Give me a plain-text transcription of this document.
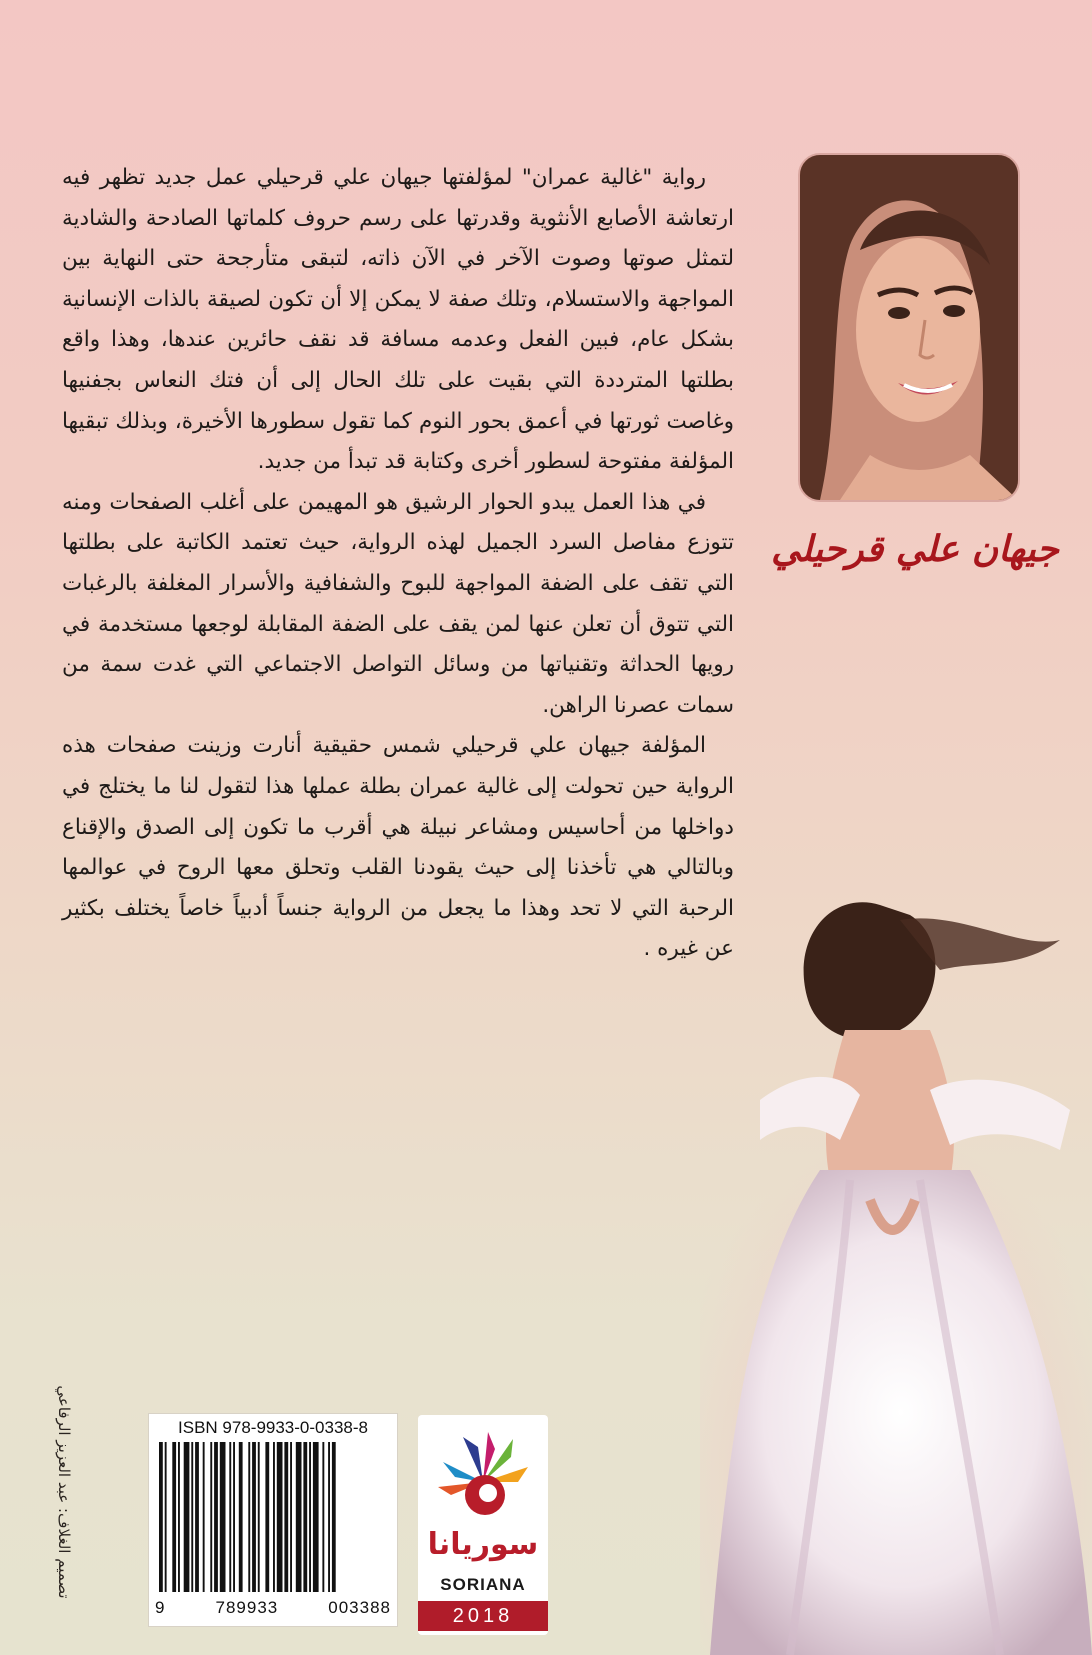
رواية "غالية عمران" لمؤلفتها جيهان علي قرحيلي عمل جديد تظهر فيه ارتعاشة الأصابع الأنثوية وقدرتها على رسم حروف كلماتها الصادحة والشادية لتمثل صوتها وصوت الآخر في الآن ذاته، لتبقى متأرجحة حتى النهاية بين المواجهة والاستسلام، وتلك صفة لا يمكن إلا أن تكون لصيقة بالذات الإنسانية بشكل عام، فبين الفعل وعدمه مسافة قد نقف حائرين عندها، وهذا واقع بطلتها المترددة التي بقيت على تلك الحال إلى أن فتك النعاس بجفنيها وغاصت ثورتها في أعمق بحور النوم كما تقول سطورها الأخيرة، وبذلك تبقيها المؤلفة مفتوحة لسطور أخرى وكتابة قد تبدأ من جديد.

في هذا العمل يبدو الحوار الرشيق هو المهيمن على أغلب الصفحات ومنه تتوزع مفاصل السرد الجميل لهذه الرواية، حيث تعتمد الكاتبة على بطلتها التي تقف على الضفة المواجهة للبوح والشفافية والأسرار المغلفة بالرغبات التي تتوق أن تعلن عنها لمن يقف على الضفة المقابلة لوجعها مستخدمة في رويها الحداثة وتقنياتها من وسائل التواصل الاجتماعي التي غدت سمة من سمات عصرنا الراهن.

المؤلفة جيهان علي قرحيلي شمس حقيقية أنارت وزينت صفحات هذه الرواية حين تحولت إلى غالية عمران بطلة عملها هذا لتقول لنا ما يختلج في دواخلها من أحاسيس ومشاعر نبيلة هي أقرب ما تكون إلى الصدق والإقناع وبالتالي هي تأخذنا إلى حيث يقودنا القلب وتحلق معها الروح في عوالمها الرحبة التي لا تحد وهذا ما يجعل من الرواية جنساً أدبياً خاصاً يختلف بكثير عن غيره .

جيهان علي قرحيلي
تصميم الغلاف: عبد العزيز الرفاعي	ISBN 978-9933-0-0338-8
9	789933	003388
سوريانا
SORIANA
2018
